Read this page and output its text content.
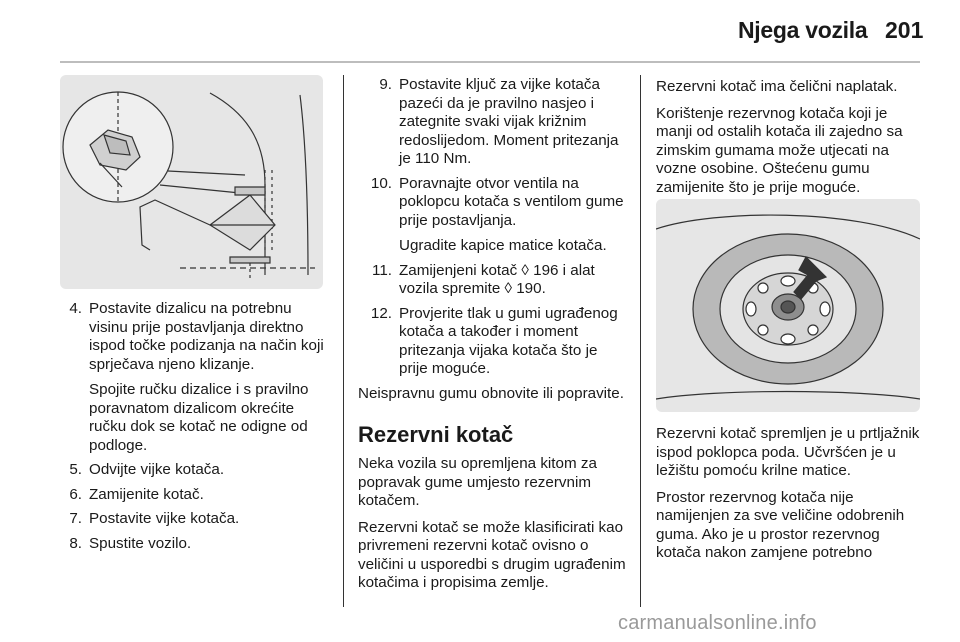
Njega vozila 201
4. Postavite dizalicu na potrebnu visinu prije postavljanja direktno ispod točke podizanja na način koji sprječava njeno klizanje.

Spojite ručku dizalice i s pravilno poravnatom dizalicom okrećite ručku dok se kotač ne odigne od podloge.

5. Odvijte vijke kotača.

6. Zamijenite kotač.

7. Postavite vijke kotača.

8. Spustite vozilo.

9. Postavite ključ za vijke kotača pazeći da je pravilno nasjeo i zategnite svaki vijak križnim redoslijedom. Moment pritezanja je 110 Nm.

10. Poravnajte otvor ventila na poklopcu kotača s ventilom gume prije postavljanja.

Ugradite kapice matice kotača.

11. Zamijenjeni kotač ◊ 196 i alat vozila spremite ◊ 190.

12. Provjerite tlak u gumi ugrađenog kotača a također i moment pritezanja vijaka kotača što je prije moguće.

Neispravnu gumu obnovite ili popravite.

Rezervni kotač

Neka vozila su opremljena kitom za popravak gume umjesto rezervnim kotačem.

Rezervni kotač se može klasificirati kao privremeni rezervni kotač ovisno o veličini u usporedbi s drugim ugrađenim kotačima i propisima zemlje.

Rezervni kotač ima čelični naplatak.

Korištenje rezervnog kotača koji je manji od ostalih kotača ili zajedno sa zimskim gumama može utjecati na vozne osobine. Oštećenu gumu zamijenite što je prije moguće.

Rezervni kotač spremljen je u prtljažnik ispod poklopca poda. Učvršćen je u ležištu pomoću krilne matice.

Prostor rezervnog kotača nije namijenjen za sve veličine odobrenih guma. Ako je u prostor rezervnog kotača nakon zamjene potrebno

carmanualsonline.info
